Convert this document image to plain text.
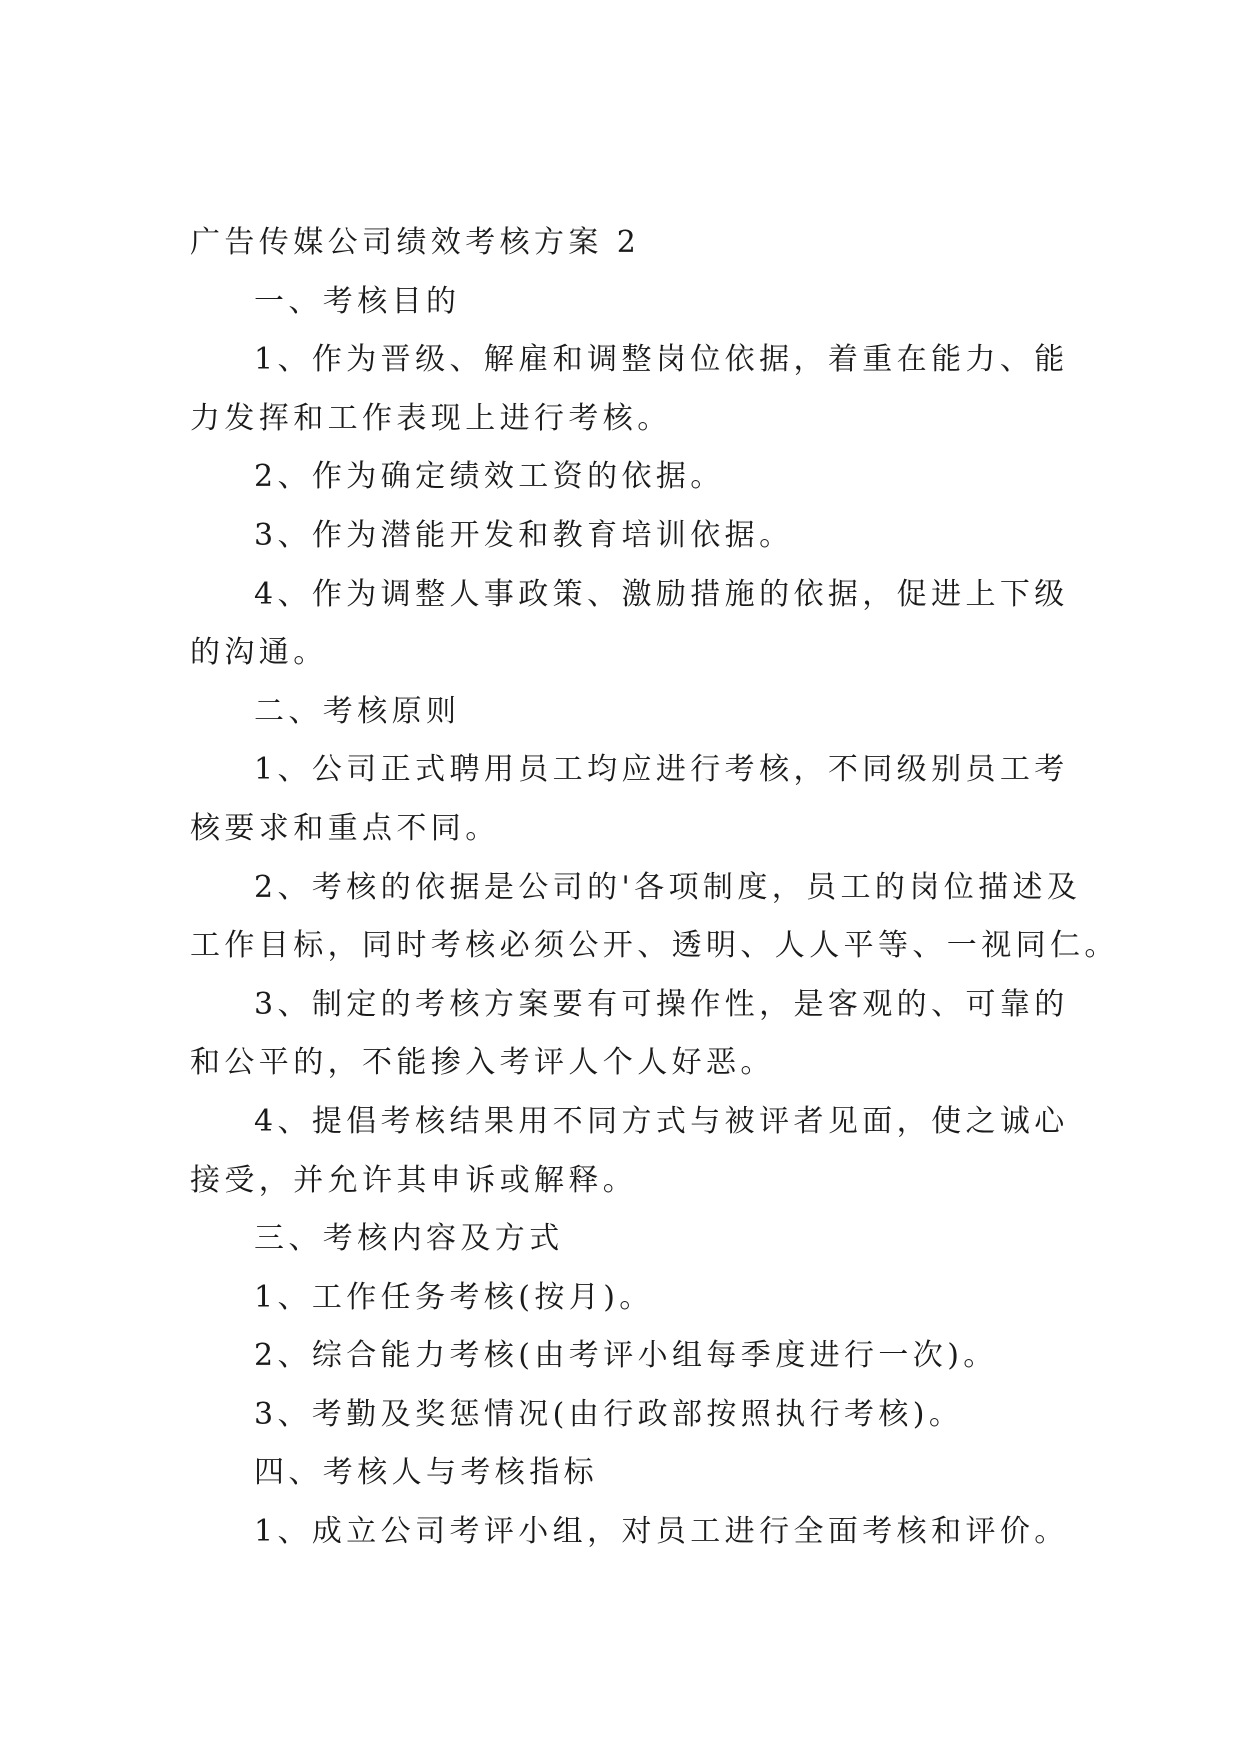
广告传媒公司绩效考核方案 2
一、考核目的
1、作为晋级、解雇和调整岗位依据，着重在能力、能
力发挥和工作表现上进行考核。
2、作为确定绩效工资的依据。
3、作为潜能开发和教育培训依据。
4、作为调整人事政策、激励措施的依据，促进上下级
的沟通。
二、考核原则
1、公司正式聘用员工均应进行考核，不同级别员工考
核要求和重点不同。
2、考核的依据是公司的'各项制度，员工的岗位描述及
工作目标，同时考核必须公开、透明、人人平等、一视同仁。
3、制定的考核方案要有可操作性，是客观的、可靠的
和公平的，不能掺入考评人个人好恶。
4、提倡考核结果用不同方式与被评者见面，使之诚心
接受，并允许其申诉或解释。
三、考核内容及方式
1、工作任务考核(按月)。
2、综合能力考核(由考评小组每季度进行一次)。
3、考勤及奖惩情况(由行政部按照执行考核)。
四、考核人与考核指标
1、成立公司考评小组，对员工进行全面考核和评价。
